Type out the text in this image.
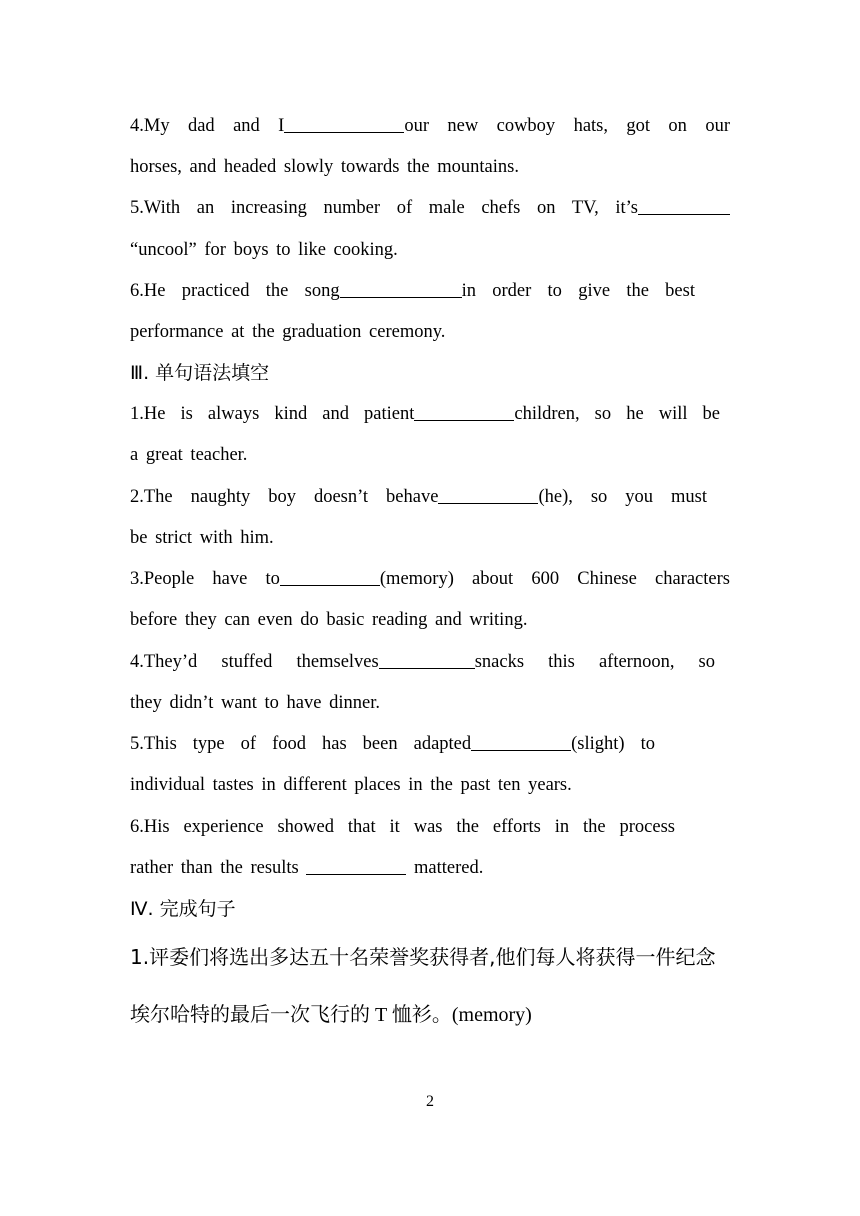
4.My dad and I	our new cowboy hats, got on our
horses, and headed slowly towards the mountains.
5.With an increasing number of male chefs on TV, it’s
“uncool” for boys to like cooking.
6.He practiced the song	in order to give the best
performance at the graduation ceremony.
Ⅲ. 单句语法填空
1.He is always kind and patient	children, so he will be
a great teacher.
2.The naughty boy doesn’t behave	(he), so you must
be strict with him.
3.People have to	(memory) about 600 Chinese characters
before they can even do basic reading and writing.
4.They’d stuffed themselves	snacks this afternoon, so
they didn’t want to have dinner.
5.This type of food has been adapted	(slight) to
individual tastes in different places in the past ten years.
6.His experience showed that it was the efforts in the process
rather than the results	mattered.
Ⅳ. 完成句子
1.评委们将选出多达五十名荣誉奖获得者,他们每人将获得一件纪念
埃尔哈特的最后一次飞行的 T 恤衫。(memory)
2
